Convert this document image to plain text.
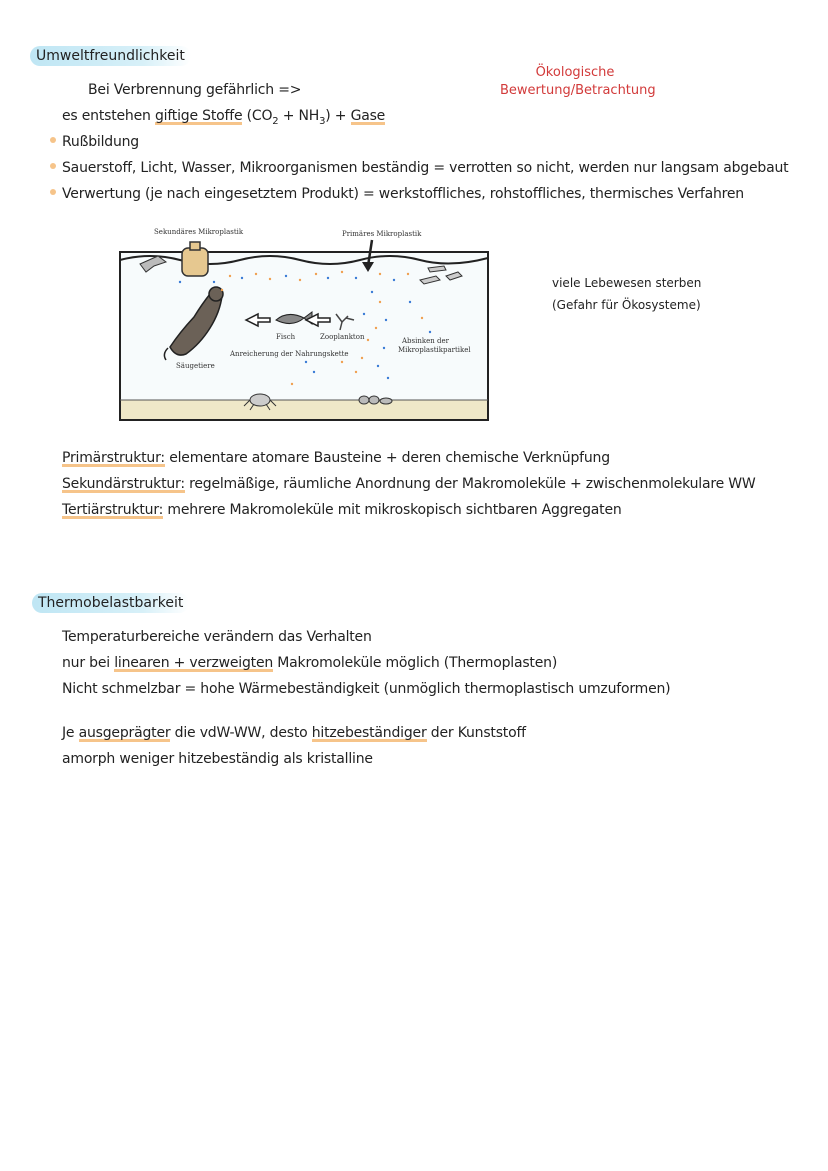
Umweltfreundlichkeit
Ökologische
Bewertung/Betrachtung
Bei Verbrennung gefährlich =>
es entstehen giftige Stoffe $(CO_2 + NH_3)$ + Gase
Rußbildung
Sauerstoff, Licht, Wasser, Mikroorganismen beständig = verrotten so nicht, werden nur langsam abgebaut
Verwertung (je nach eingesetztem Produkt) = werkstoffliches, rohstoffliches, thermisches Verfahren
Sekundäres Mikroplastik	Primäres Mikroplastik
Fisch	Zooplankton	Absinken der
Mikroplastikpartikel
Anreicherung der Nahrungskette
Säugetiere
viele Lebewesen sterben
(Gefahr für Ökosysteme)
Primärstruktur: elementare atomare Bausteine + deren chemische Verknüpfung
Sekundärstruktur: regelmäßige, räumliche Anordnung der Makromoleküle + zwischenmolekulare WW
Tertiärstruktur: mehrere Makromoleküle mit mikroskopisch sichtbaren Aggregaten
Thermobelastbarkeit
Temperaturbereiche verändern das Verhalten
nur bei linearen + verzweigten Makromoleküle möglich (Thermoplasten)
Nicht schmelzbar = hohe Wärmebeständigkeit (unmöglich thermoplastisch umzuformen)
Je ausgeprägter die vdW-WW, desto hitzebeständiger der Kunststoff
amorph weniger hitzebeständig als kristalline
